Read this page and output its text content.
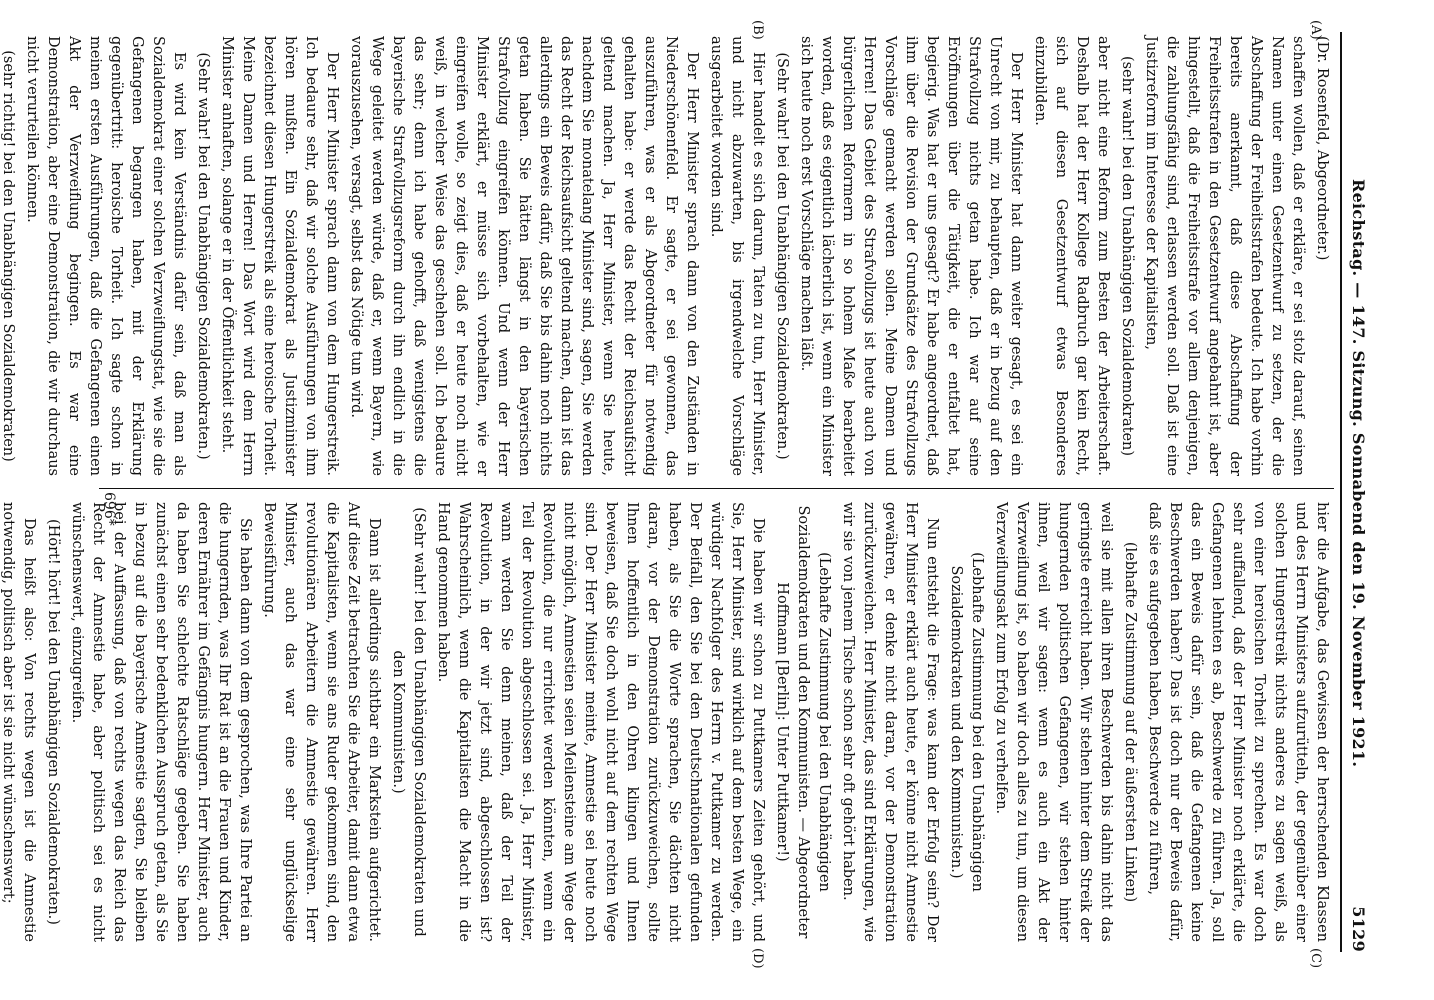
Reichstag. — 147. Sitzung. Sonnabend den 19. November 1921.
5129
(A)
(B)
(C)
(D)

(Dr. Rosenfeld, Abgeordneter.)

schaffen wollen, daß er erkläre, er sei stolz darauf, seinen Namen unter einen Gesetzentwurf zu setzen, der die Abschaffung der Freiheitsstrafen bedeute. Ich habe vorhin bereits anerkannt, daß diese Abschaffung der Freiheitsstrafen in den Gesetzentwurf angebahnt ist, aber hingestellt, daß die Freiheitsstrafe vor allem denjenigen, die zahlungsfähig sind, erlassen werden soll. Daß ist eine Justizreform im Interesse der Kapitalisten,

(sehr wahr! bei den Unabhängigen Sozialdemokraten)

aber nicht eine Reform zum Besten der Arbeiterschaft. Deshalb hat der Herr Kollege Radbruch gar kein Recht, sich auf diesen Gesetzentwurf etwas Besonderes einzubilden.

Der Herr Minister hat dann weiter gesagt, es sei ein Unrecht von mir, zu behaupten, daß er in bezug auf den Strafvollzug nichts getan habe. Ich war auf seine Eröffnungen über die Tätigkeit, die er entfaltet hat, begierig. Was hat er uns gesagt? Er habe angeordnet, daß ihm über die Revision der Grundsätze des Strafvollzugs Vorschläge gemacht werden sollen. Meine Damen und Herren! Das Gebiet des Strafvollzugs ist heute auch von bürgerlichen Reformern in so hohem Maße bearbeitet worden, daß es eigentlich lächerlich ist, wenn ein Minister sich heute noch erst Vorschläge machen läßt.

(Sehr wahr! bei den Unabhängigen Sozialdemokraten.)

Hier handelt es sich darum, Taten zu tun, Herr Minister, und nicht abzuwarten, bis irgendwelche Vorschläge ausgearbeitet worden sind.

Der Herr Minister sprach dann von den Zuständen in Niederschönenfeld. Er sagte, er sei gewonnen, das auszuführen, was er als Abgeordneter für notwendig gehalten habe: er werde das Recht der Reichsaufsicht geltend machen. Ja, Herr Minister, wenn Sie heute, nachdem Sie monatelang Minister sind, sagen, Sie werden das Recht der Reichsaufsicht geltend machen, dann ist das allerdings ein Beweis dafür, daß Sie bis dahin noch nichts getan haben. Sie hätten längst in den bayerischen Strafvollzug eingreifen können. Und wenn der Herr Minister erklärt, er müsse sich vorbehalten, wie er eingreifen wolle, so zeigt dies, daß er heute noch nicht weiß, in welcher Weise das geschehen soll. Ich bedaure das sehr; denn ich habe gehofft, daß wenigstens die bayerische Strafvollzugsreform durch ihn endlich in die Wege geleitet werden würde, daß er, wenn Bayern, wie vorauszusehen, versagt, selbst das Nötige tun wird.

Der Herr Minister sprach dann von dem Hungerstreik. Ich bedaure sehr, daß wir solche Ausführungen von ihm hören mußten. Ein Sozialdemokrat als Justizminister bezeichnet diesen Hungerstreik als eine heroische Torheit. Meine Damen und Herren! Das Wort wird dem Herrn Minister anhaften, solange er in der Öffentlichkeit steht.

(Sehr wahr! bei den Unabhängigen Sozialdemokraten.)

Es wird kein Verständnis dafür sein, daß man als Sozialdemokrat einer solchen Verzweiflungstat, wie sie die Gefangenen begangen haben, mit der Erklärung gegenübertritt: heroische Torheit. Ich sagte schon in meinen ersten Ausführungen, daß die Gefangenen einen Akt der Verzweiflung begingen. Es war eine Demonstration, aber eine Demonstration, die wir durchaus nicht verurteilen können.

(sehr richtig! bei den Unabhängigen Sozialdemokraten)

hier die Aufgabe, das Gewissen der herrschenden Klassen und des Herrn Ministers aufzurütteln, der gegenüber einer solchen Hungerstreik nichts anderes zu sagen weiß, als von einer heroischen Torheit zu sprechen. Es war doch sehr auffallend, daß der Herr Minister noch erklärte, die Gefangenen lehnten es ab, Beschwerde zu führen. Ja, soll das ein Beweis dafür sein, daß die Gefangenen keine Beschwerden haben? Das ist doch nur der Beweis dafür, daß sie es aufgegeben haben, Beschwerde zu führen,

(lebhafte Zustimmung auf der äußersten Linken)

weil sie mit allen ihren Beschwerden bis dahin nicht das geringste erreicht haben. Wir stehen hinter dem Streik der hungernden politischen Gefangenen, wir stehen hinter ihnen, weil wir sagen: wenn es auch ein Akt der Verzweiflung ist, so haben wir doch alles zu tun, um diesen Verzweiflungsakt zum Erfolg zu verhelfen.

(Lebhafte Zustimmung bei den Unabhängigen Sozialdemokraten und den Kommunisten.)

Nun entsteht die Frage: was kann der Erfolg sein? Der Herr Minister erklärt auch heute, er könne nicht Amnestie gewähren, er denke nicht daran, vor der Demonstration zurückzuweichen. Herr Minister, das sind Erklärungen, wie wir sie von jenem Tische schon sehr oft gehört haben.

(Lebhafte Zustimmung bei den Unabhängigen Sozialdemokraten und den Kommunisten. — Abgeordneter Hoffmann [Berlin]: Unter Puttkamer!)

Die haben wir schon zu Puttkamers Zeiten gehört, und Sie, Herr Minister, sind wirklich auf dem besten Wege, ein würdiger Nachfolger des Herrn v. Puttkamer zu werden. Der Beifall, den Sie bei den Deutschnationalen gefunden haben, als Sie die Worte sprachen, Sie dächten nicht daran, vor der Demonstration zurückzuweichen, sollte Ihnen hoffentlich in den Ohren klingen und Ihnen beweisen, daß Sie doch wohl nicht auf dem rechten Wege sind. Der Herr Minister meinte, Amnestie sei heute noch nicht möglich, Amnestien seien Meilensteine am Wege der Revolution, die nur errichtet werden könnten, wenn ein Teil der Revolution abgeschlossen sei. Ja, Herr Minister, wann werden Sie denn meinen, daß der Teil der Revolution, in der wir jetzt sind, abgeschlossen ist? Wahrscheinlich, wenn die Kapitalisten die Macht in die Hand genommen haben.

(Sehr wahr! bei den Unabhängigen Sozialdemokraten und den Kommunisten.)

Dann ist allerdings sichtbar ein Markstein aufgerichtet. Auf diese Zeit betrachten Sie die Arbeiter, damit dann etwa die Kapitalisten, wenn sie ans Ruder gekommen sind, den revolutionären Arbeitern die Amnestie gewähren. Herr Minister, auch das war eine sehr unglückselige Beweisführung.

Sie haben dann von dem gesprochen, was Ihre Partei an die hungernden, was Ihr Rat ist an die Frauen und Kinder, deren Ernährer im Gefängnis hungern. Herr Minister, auch da haben Sie schlechte Ratschläge gegeben. Sie haben zunächst einen sehr bedenklichen Ausspruch getan, als Sie in bezug auf die bayerische Amnestie sagten, Sie bleiben bei der Auffassung, daß von rechts wegen das Reich das Recht der Amnestie habe, aber politisch sei es nicht wünschenswert, einzugreifen.

(Hört! hört! bei den Unabhängigen Sozialdemokraten.)

Das heißt also: Von rechts wegen ist die Amnestie notwendig, politisch aber ist sie nicht wünschenswert;	696*
